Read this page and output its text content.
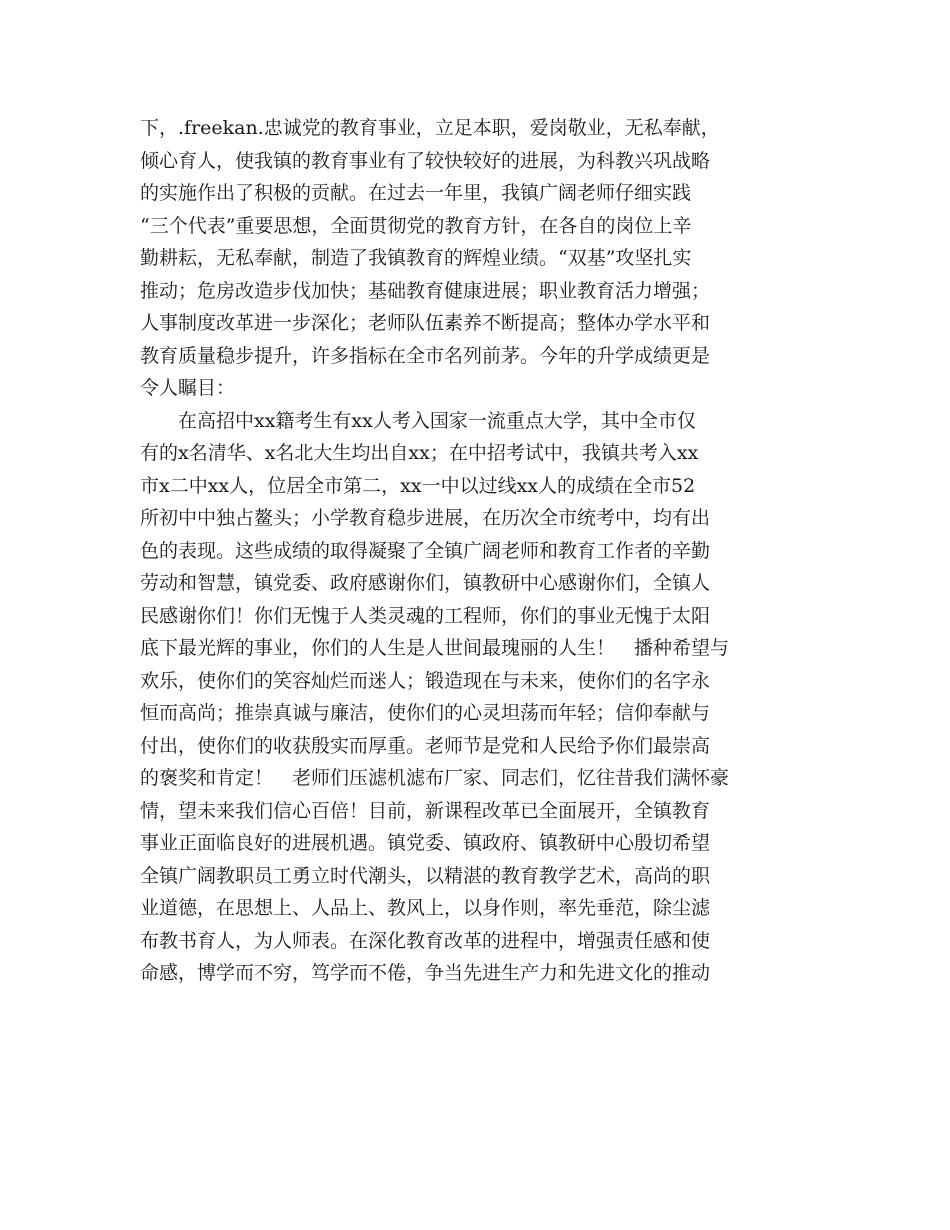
下，.freekan.忠诚党的教育事业，立足本职，爱岗敬业，无私奉献，
倾心育人，使我镇的教育事业有了较快较好的进展，为科教兴巩战略
的实施作出了积极的贡献。在过去一年里，我镇广阔老师仔细实践
“三个代表”重要思想，全面贯彻党的教育方针，在各自的岗位上辛
勤耕耘，无私奉献，制造了我镇教育的辉煌业绩。“双基”攻坚扎实
推动；危房改造步伐加快；基础教育健康进展；职业教育活力增强；
人事制度改革进一步深化；老师队伍素养不断提高；整体办学水平和
教育质量稳步提升，许多指标在全市名列前茅。今年的升学成绩更是
令人瞩目：
　　在高招中xx籍考生有xx人考入国家一流重点大学，其中全市仅
有的x名清华、x名北大生均出自xx；在中招考试中，我镇共考入xx
市x二中xx人，位居全市第二，xx一中以过线xx人的成绩在全市52
所初中中独占鳌头；小学教育稳步进展，在历次全市统考中，均有出
色的表现。这些成绩的取得凝聚了全镇广阔老师和教育工作者的辛勤
劳动和智慧，镇党委、政府感谢你们，镇教研中心感谢你们，全镇人
民感谢你们！你们无愧于人类灵魂的工程师，你们的事业无愧于太阳
底下最光辉的事业，你们的人生是人世间最瑰丽的人生！　播种希望与
欢乐，使你们的笑容灿烂而迷人；锻造现在与未来，使你们的名字永
恒而高尚；推崇真诚与廉洁，使你们的心灵坦荡而年轻；信仰奉献与
付出，使你们的收获殷实而厚重。老师节是党和人民给予你们最崇高
的褒奖和肯定！　老师们压滤机滤布厂家、同志们，忆往昔我们满怀豪
情，望未来我们信心百倍！目前，新课程改革已全面展开，全镇教育
事业正面临良好的进展机遇。镇党委、镇政府、镇教研中心殷切希望
全镇广阔教职员工勇立时代潮头，以精湛的教育教学艺术，高尚的职
业道德，在思想上、人品上、教风上，以身作则，率先垂范，除尘滤
布教书育人，为人师表。在深化教育改革的进程中，增强责任感和使
命感，博学而不穷，笃学而不倦，争当先进生产力和先进文化的推动
